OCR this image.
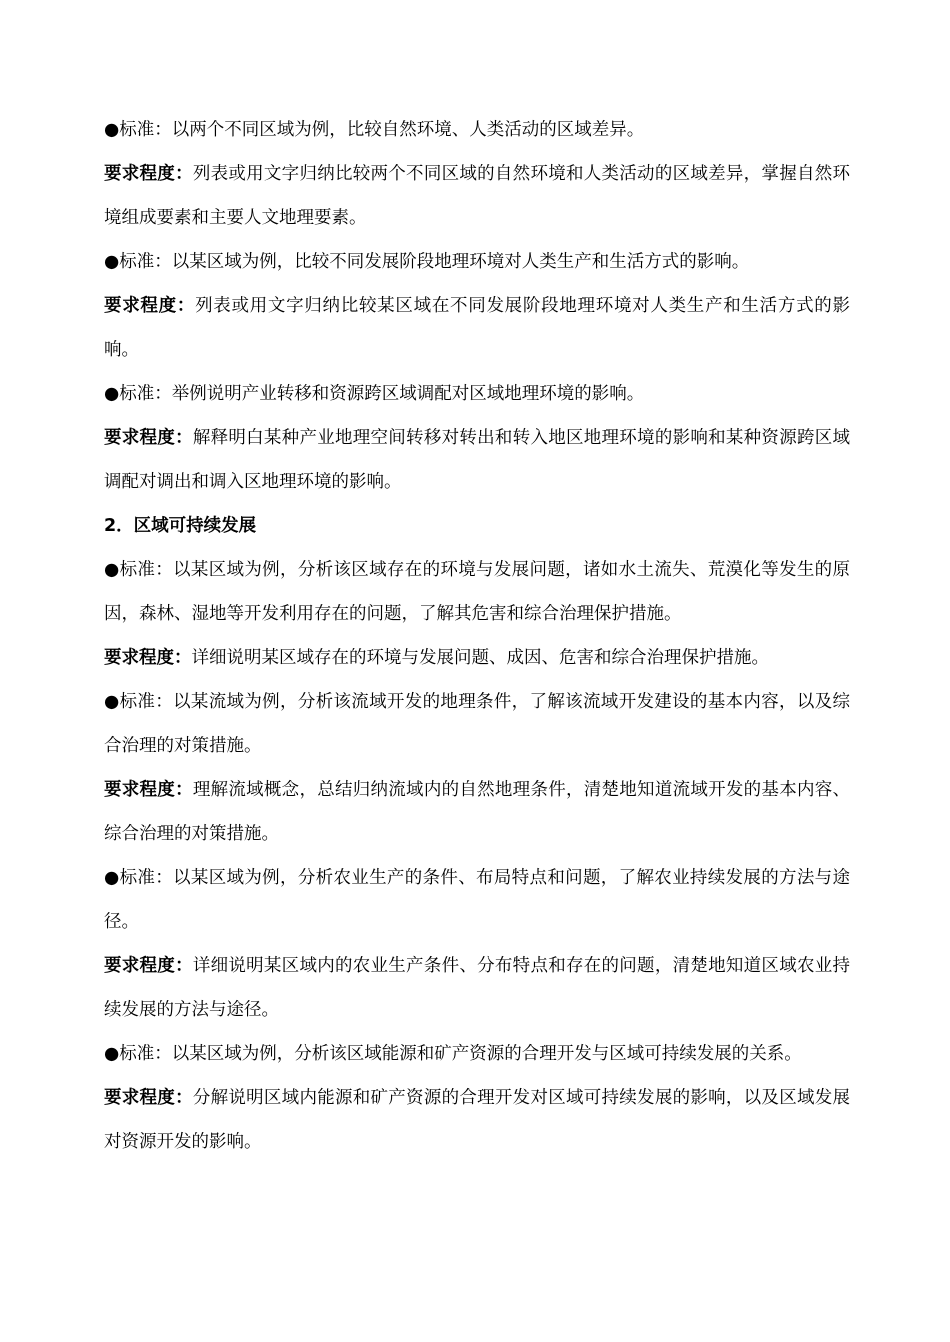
●标准：以两个不同区域为例，比较自然环境、人类活动的区域差异。

要求程度：列表或用文字归纳比较两个不同区域的自然环境和人类活动的区域差异，掌握自然环境组成要素和主要人文地理要素。

●标准：以某区域为例，比较不同发展阶段地理环境对人类生产和生活方式的影响。

要求程度：列表或用文字归纳比较某区域在不同发展阶段地理环境对人类生产和生活方式的影响。

●标准：举例说明产业转移和资源跨区域调配对区域地理环境的影响。

要求程度：解释明白某种产业地理空间转移对转出和转入地区地理环境的影响和某种资源跨区域调配对调出和调入区地理环境的影响。

2．区域可持续发展

●标准：以某区域为例，分析该区域存在的环境与发展问题，诸如水土流失、荒漠化等发生的原因，森林、湿地等开发利用存在的问题，了解其危害和综合治理保护措施。

要求程度：详细说明某区域存在的环境与发展问题、成因、危害和综合治理保护措施。

●标准：以某流域为例，分析该流域开发的地理条件，了解该流域开发建设的基本内容，以及综合治理的对策措施。

要求程度：理解流域概念，总结归纳流域内的自然地理条件，清楚地知道流域开发的基本内容、综合治理的对策措施。

●标准：以某区域为例，分析农业生产的条件、布局特点和问题，了解农业持续发展的方法与途径。

要求程度：详细说明某区域内的农业生产条件、分布特点和存在的问题，清楚地知道区域农业持续发展的方法与途径。

●标准：以某区域为例，分析该区域能源和矿产资源的合理开发与区域可持续发展的关系。

要求程度：分解说明区域内能源和矿产资源的合理开发对区域可持续发展的影响，以及区域发展对资源开发的影响。
